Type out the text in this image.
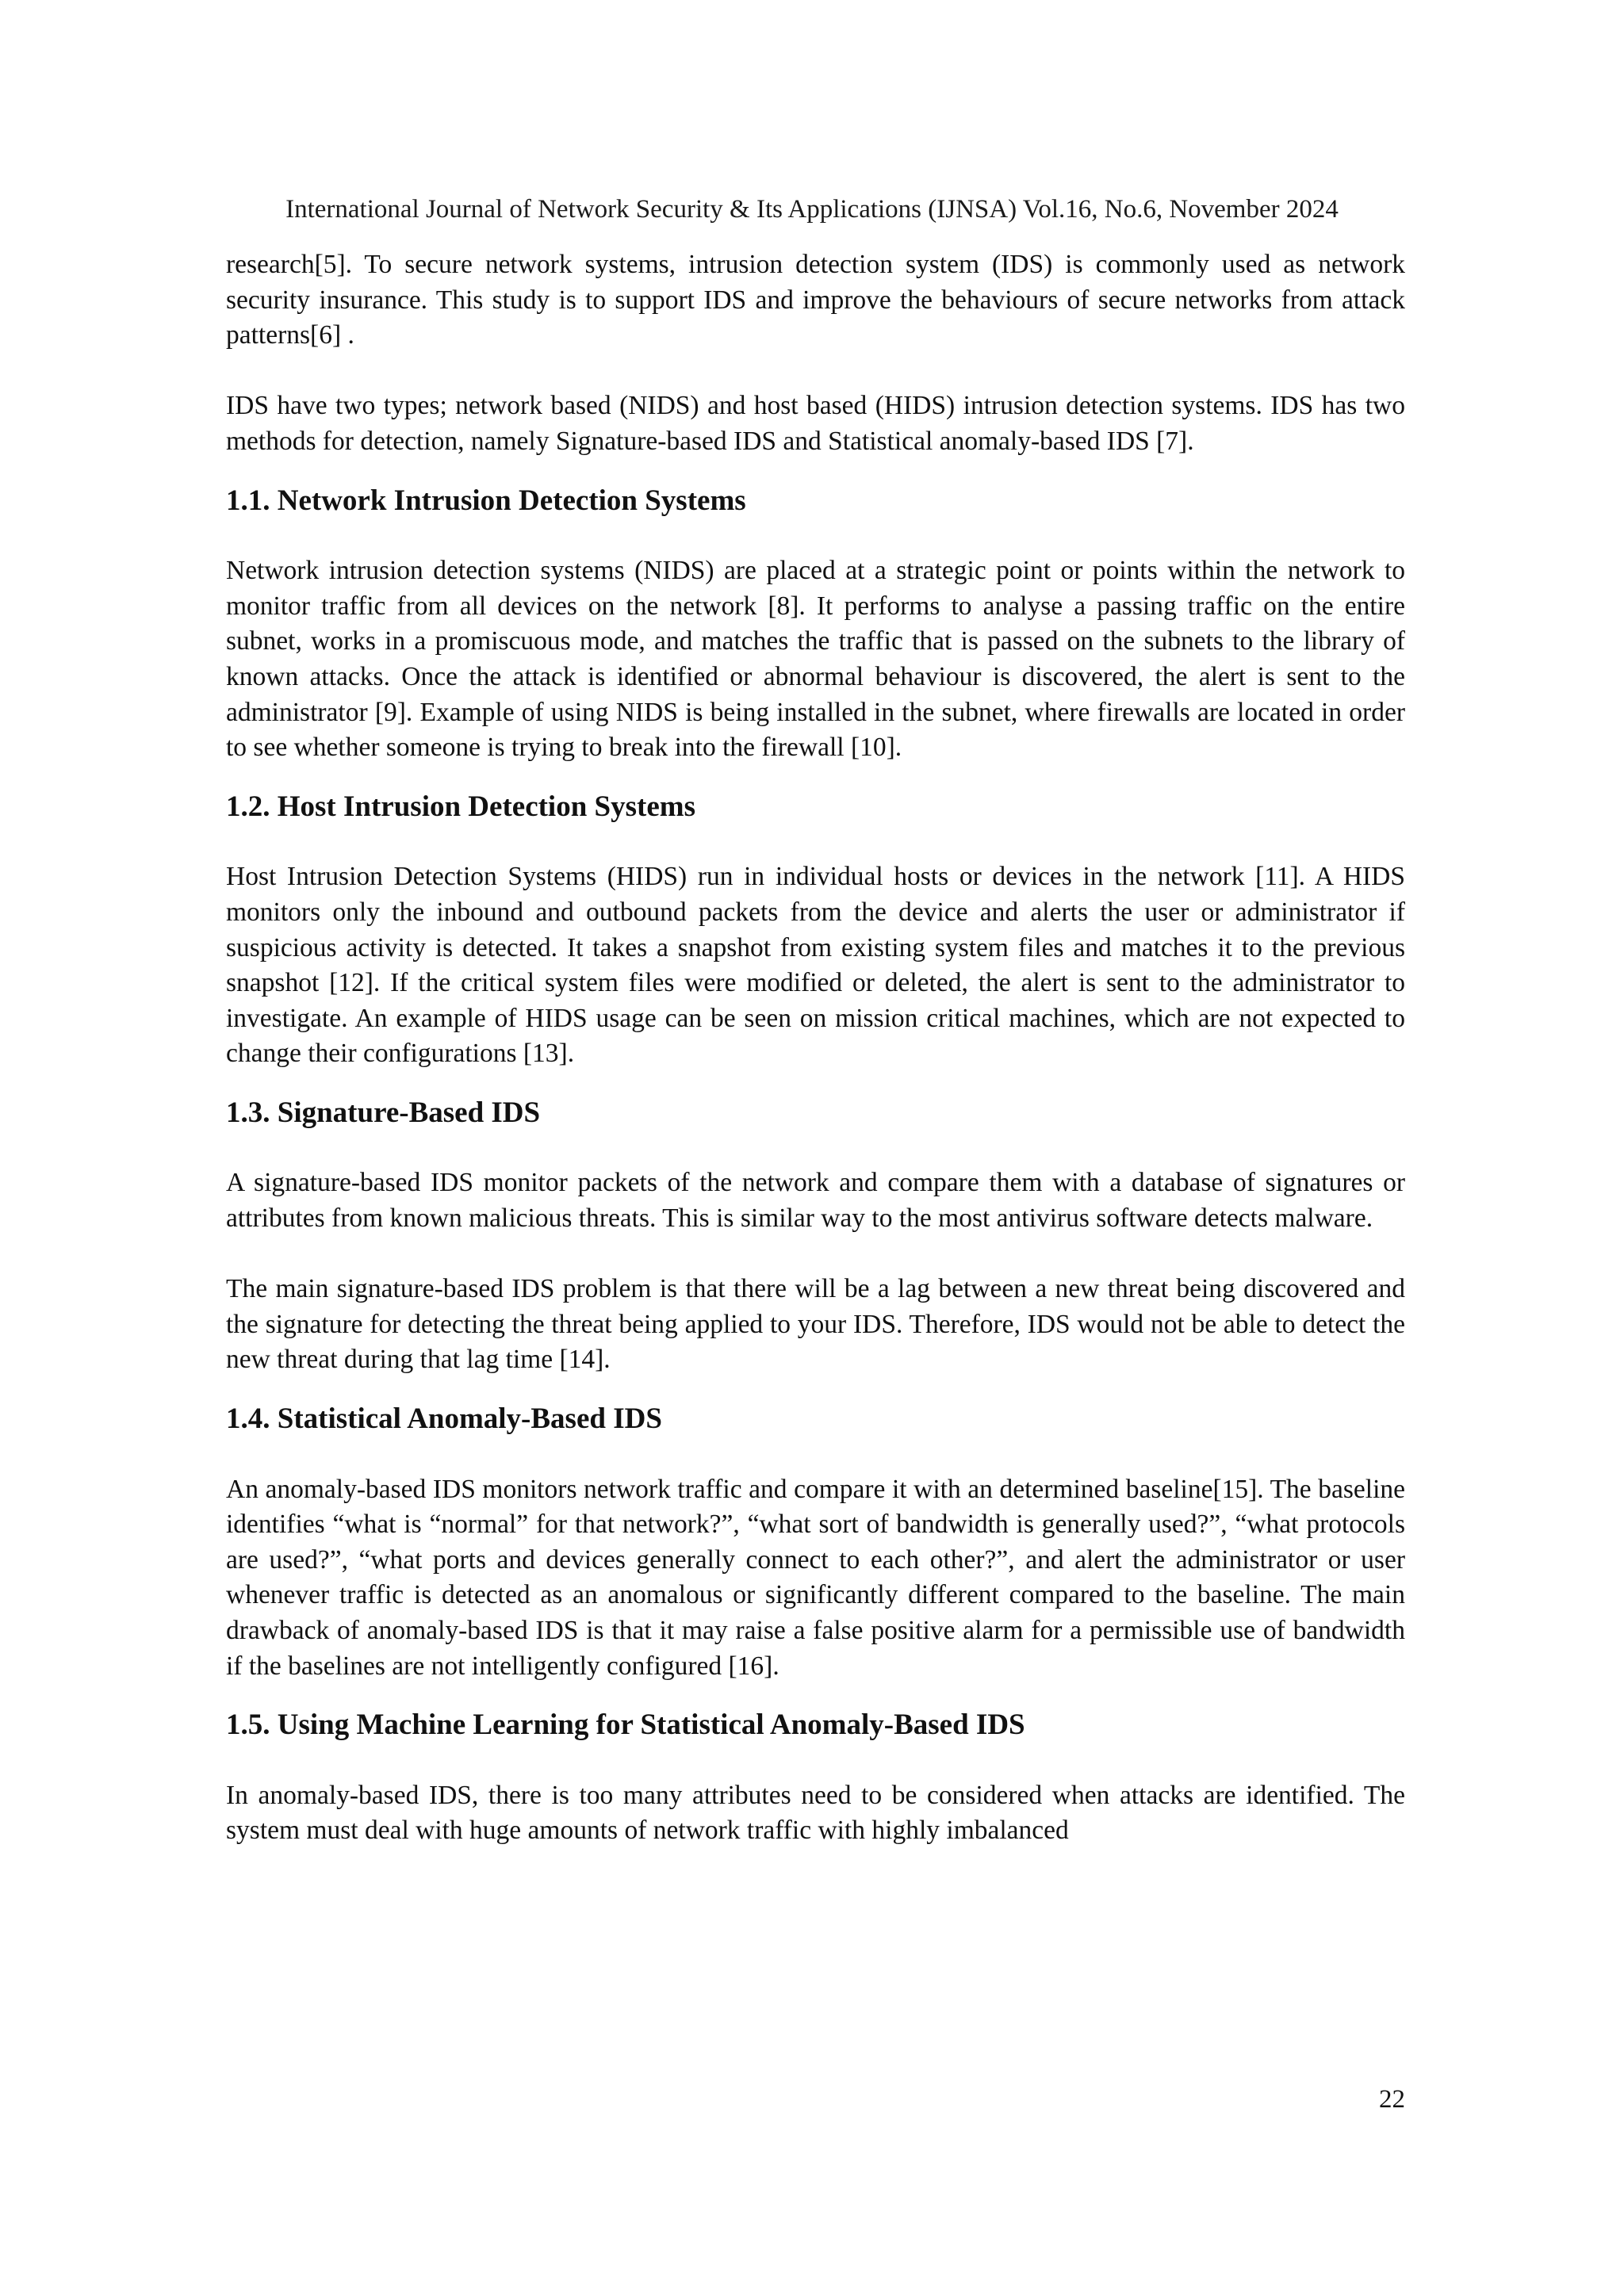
International Journal of Network Security & Its Applications (IJNSA) Vol.16, No.6, November 2024

research[5]. To secure network systems, intrusion detection system (IDS) is commonly used as network security insurance. This study is to support IDS and improve the behaviours of secure networks from attack patterns[6] .

IDS have two types; network based (NIDS) and host based (HIDS) intrusion detection systems. IDS has two methods for detection, namely Signature-based IDS and Statistical anomaly-based IDS [7].

1.1. Network Intrusion Detection Systems

Network intrusion detection systems (NIDS) are placed at a strategic point or points within the network to monitor traffic from all devices on the network [8]. It performs to analyse a passing traffic on the entire subnet, works in a promiscuous mode, and matches the traffic that is passed on the subnets to the library of known attacks. Once the attack is identified or abnormal behaviour is discovered, the alert is sent to the administrator [9]. Example of using NIDS is being installed in the subnet, where firewalls are located in order to see whether someone is trying to break into the firewall [10].

1.2. Host Intrusion Detection Systems

Host Intrusion Detection Systems (HIDS) run in individual hosts or devices in the network [11]. A HIDS monitors only the inbound and outbound packets from the device and alerts the user or administrator if suspicious activity is detected. It takes a snapshot from existing system files and matches it to the previous snapshot [12]. If the critical system files were modified or deleted, the alert is sent to the administrator to investigate. An example of HIDS usage can be seen on mission critical machines, which are not expected to change their configurations [13].

1.3. Signature-Based IDS

A signature-based IDS monitor packets of the network and compare them with a database of signatures or attributes from known malicious threats. This is similar way to the most antivirus software detects malware.

The main signature-based IDS problem is that there will be a lag between a new threat being discovered and the signature for detecting the threat being applied to your IDS. Therefore, IDS would not be able to detect the new threat during that lag time [14].

1.4. Statistical Anomaly-Based IDS

An anomaly-based IDS monitors network traffic and compare it with an determined baseline[15]. The baseline identifies “what is “normal” for that network?”, “what sort of bandwidth is generally used?”, “what protocols are used?”, “what ports and devices generally connect to each other?”, and alert the administrator or user whenever traffic is detected as an anomalous or significantly different compared to the baseline. The main drawback of anomaly-based IDS is that it may raise a false positive alarm for a permissible use of bandwidth if the baselines are not intelligently configured [16].

1.5. Using Machine Learning for Statistical Anomaly-Based IDS

In anomaly-based IDS, there is too many attributes need to be considered when attacks are identified. The system must deal with huge amounts of network traffic with highly imbalanced

22
